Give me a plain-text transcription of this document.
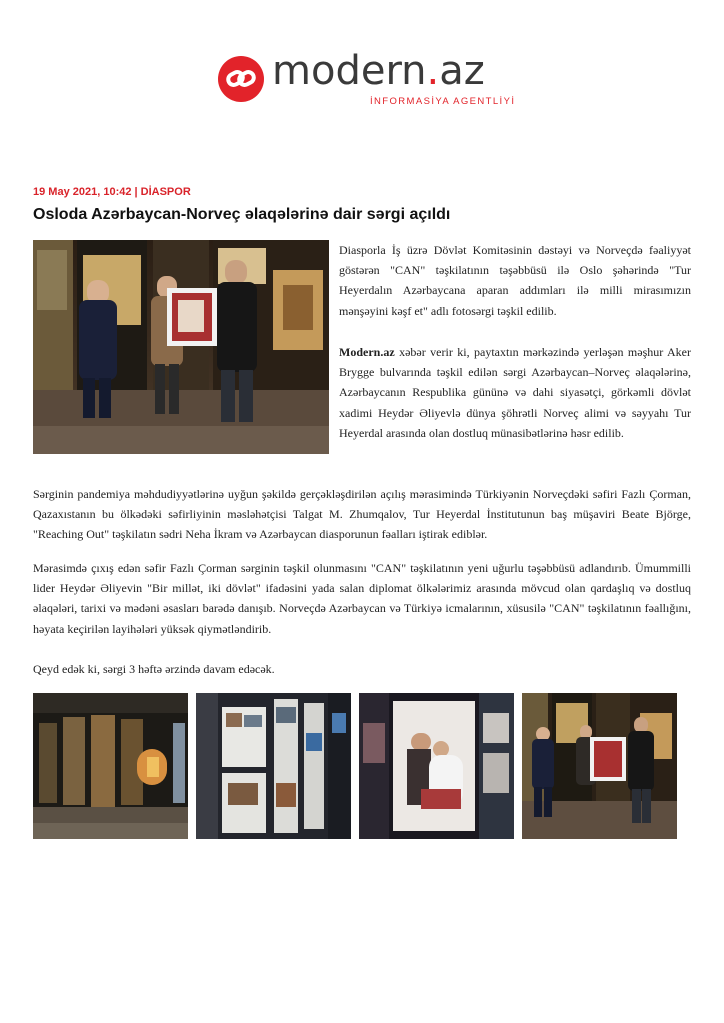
modern.az
İNFORMASİYA AGENTLİYİ
19 May 2021, 10:42 | DİASPOR
Osloda Azərbaycan-Norveç əlaqələrinə dair sərgi açıldı

Diasporla İş üzrə Dövlət Komitəsinin dəstəyi və Norveçdə fəaliyyət göstərən "CAN" təşkilatının təşəbbüsü ilə Oslo şəhərində "Tur Heyerdalın Azərbaycana aparan addımları ilə milli mirasımızın mənşəyini kəşf et" adlı fotosərgi təşkil edilib.

Modern.az xəbər verir ki, paytaxtın mərkəzində yerləşən məşhur Aker Brygge bulvarında təşkil edilən sərgi Azərbaycan–Norveç əlaqələrinə, Azərbaycanın Respublika gününə və dahi siyasətçi, görkəmli dövlət xadimi Heydər Əliyevlə dünya şöhrətli Norveç alimi və səyyahı Tur Heyerdal arasında olan dostluq münasibətlərinə həsr edilib.

Sərginin pandemiya məhdudiyyətlərinə uyğun şəkildə gerçəkləşdirilən açılış mərasimində Türkiyənin Norveçdəki səfiri Fazlı Çorman, Qazaxıstanın bu ölkədəki səfirliyinin məsləhətçisi Talgat M. Zhumqalov, Tur Heyerdal İnstitutunun baş müşaviri Beate Björge, "Reaching Out" təşkilatın sədri Neha İkram və Azərbaycan diasporunun fəalları iştirak ediblər.

Mərasimdə çıxış edən səfir Fazlı Çorman sərginin təşkil olunmasını "CAN" təşkilatının yeni uğurlu təşəbbüsü adlandırıb. Ümummilli lider Heydər Əliyevin "Bir millət, iki dövlət" ifadəsini yada salan diplomat ölkələrimiz arasında mövcud olan qardaşlıq və dostluq əlaqələri, tarixi və mədəni əsasları barədə danışıb. Norveçdə Azərbaycan və Türkiyə icmalarının, xüsusilə "CAN" təşkilatının fəallığını, həyata keçirilən layihələri yüksək qiymətləndirib.

Qeyd edək ki, sərgi 3 həftə ərzində davam edəcək.
